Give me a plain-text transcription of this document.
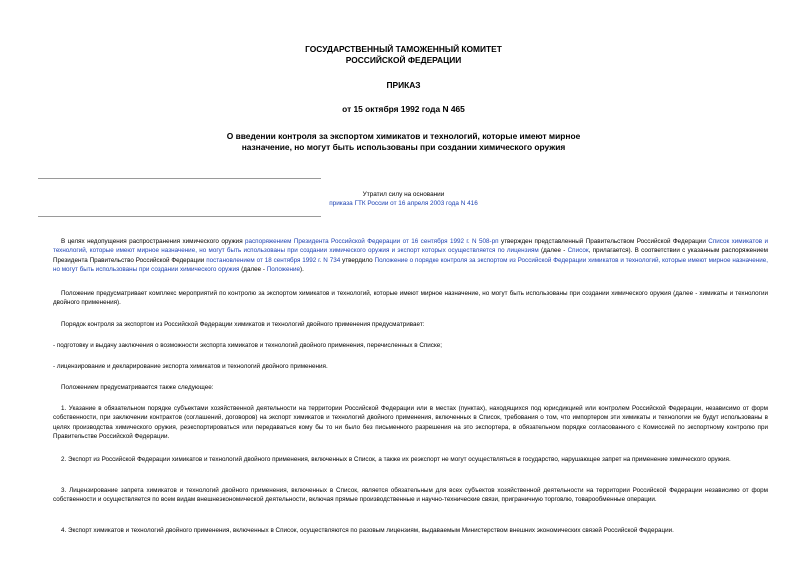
ГОСУДАРСТВЕННЫЙ ТАМОЖЕННЫЙ КОМИТЕТ
РОССИЙСКОЙ ФЕДЕРАЦИИ
ПРИКАЗ
от 15 октября 1992 года N 465
О введении контроля за экспортом химикатов и технологий, которые имеют мирное назначение, но могут быть использованы при создании химического оружия
Утратил силу на основании
приказа ГТК России от 16 апреля 2003 года N 416
В целях недопущения распространения химического оружия распоряжением Президента Российской Федерации от 16 сентября 1992 г. N 508-рп утвержден представленный Правительством Российской Федерации Список химикатов и технологий, которые имеют мирное назначение, но могут быть использованы при создании химического оружия и экспорт которых осуществляется по лицензиям (далее - Список, прилагается). В соответствии с указанным распоряжением Президента Правительство Российской Федерации постановлением от 18 сентября 1992 г. N 734 утвердило Положение о порядке контроля за экспортом из Российской Федерации химикатов и технологий, которые имеют мирное назначение, но могут быть использованы при создании химического оружия (далее - Положение).
Положение предусматривает комплекс мероприятий по контролю за экспортом химикатов и технологий, которые имеют мирное назначение, но могут быть использованы при создании химического оружия (далее - химикаты и технологии двойного применения).
Порядок контроля за экспортом из Российской Федерации химикатов и технологий двойного применения предусматривает:
- подготовку и выдачу заключения о возможности экспорта химикатов и технологий двойного применения, перечисленных в Списке;
- лицензирование и декларирование экспорта химикатов и технологий двойного применения.
Положением предусматривается также следующее:
1. Указание в обязательном порядке субъектами хозяйственной деятельности на территории Российской Федерации или в местах (пунктах), находящихся под юрисдикцией или контролем Российской Федерации, независимо от форм собственности, при заключении контрактов (соглашений, договоров) на экспорт химикатов и технологий двойного применения, включенных в Список, требования о том, что импортером эти химикаты и технологии не будут использованы в целях производства химического оружия, реэкспортироваться или передаваться кому бы то ни было без письменного разрешения на это экспортера, в обязательном порядке согласованного с Комиссией по экспортному контролю при Правительстве Российской Федерации.
2. Экспорт из Российской Федерации химикатов и технологий двойного применения, включенных в Список, а также их реэкспорт не могут осуществляться в государство, нарушающее запрет на применение химического оружия.
3. Лицензирование запрета химикатов и технологий двойного применения, включенных в Список, является обязательным для всех субъектов хозяйственной деятельности на территории Российской Федерации независимо от форм собственности и осуществляется по всем видам внешнеэкономической деятельности, включая прямые производственные и научно-технические связи, приграничную торговлю, товарообменные операции.
4. Экспорт химикатов и технологий двойного применения, включенных в Список, осуществляются по разовым лицензиям, выдаваемым Министерством внешних экономических связей Российской Федерации.
